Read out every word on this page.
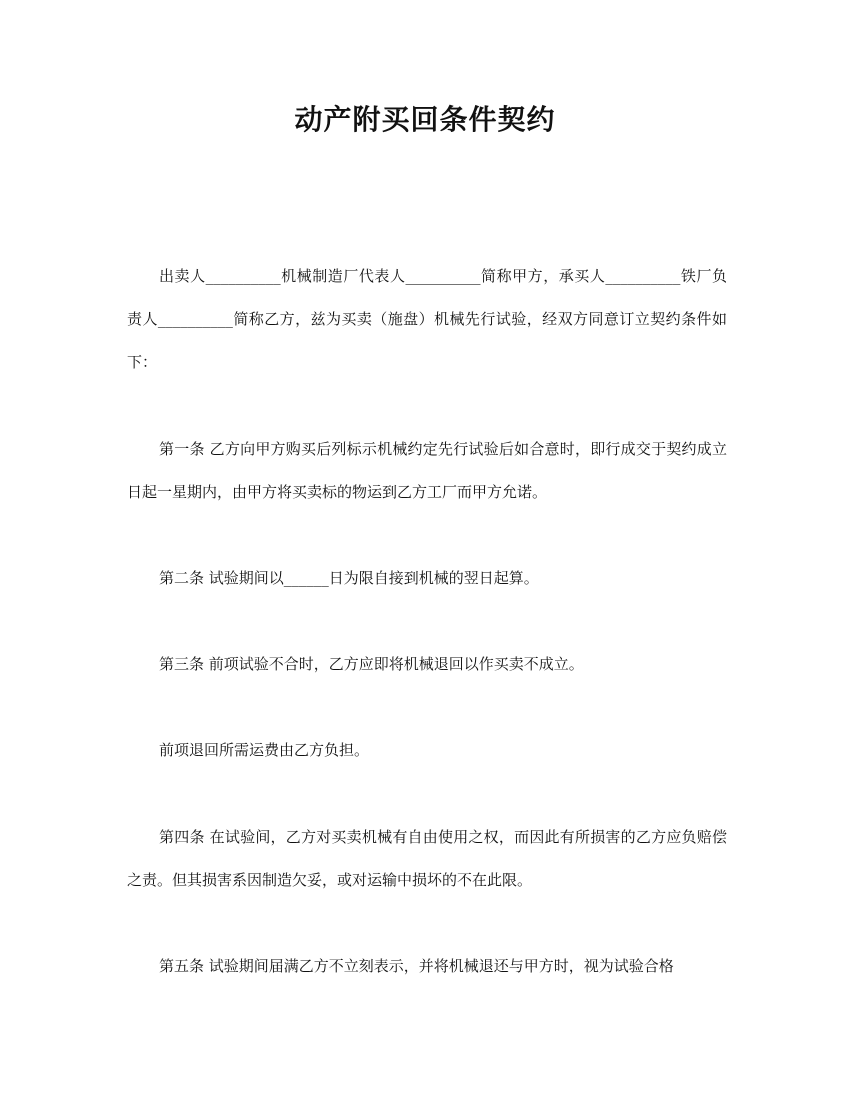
动产附买回条件契约

出卖人__________机械制造厂代表人__________简称甲方，承买人__________铁厂负责人__________简称乙方，兹为买卖（施盘）机械先行试验，经双方同意订立契约条件如下：

第一条 乙方向甲方购买后列标示机械约定先行试验后如合意时，即行成交于契约成立日起一星期内，由甲方将买卖标的物运到乙方工厂而甲方允诺。

第二条 试验期间以______日为限自接到机械的翌日起算。

第三条 前项试验不合时，乙方应即将机械退回以作买卖不成立。

前项退回所需运费由乙方负担。

第四条 在试验间，乙方对买卖机械有自由使用之权，而因此有所损害的乙方应负赔偿之责。但其损害系因制造欠妥，或对运输中损坏的不在此限。

第五条 试验期间届满乙方不立刻表示，并将机械退还与甲方时，视为试验合格
